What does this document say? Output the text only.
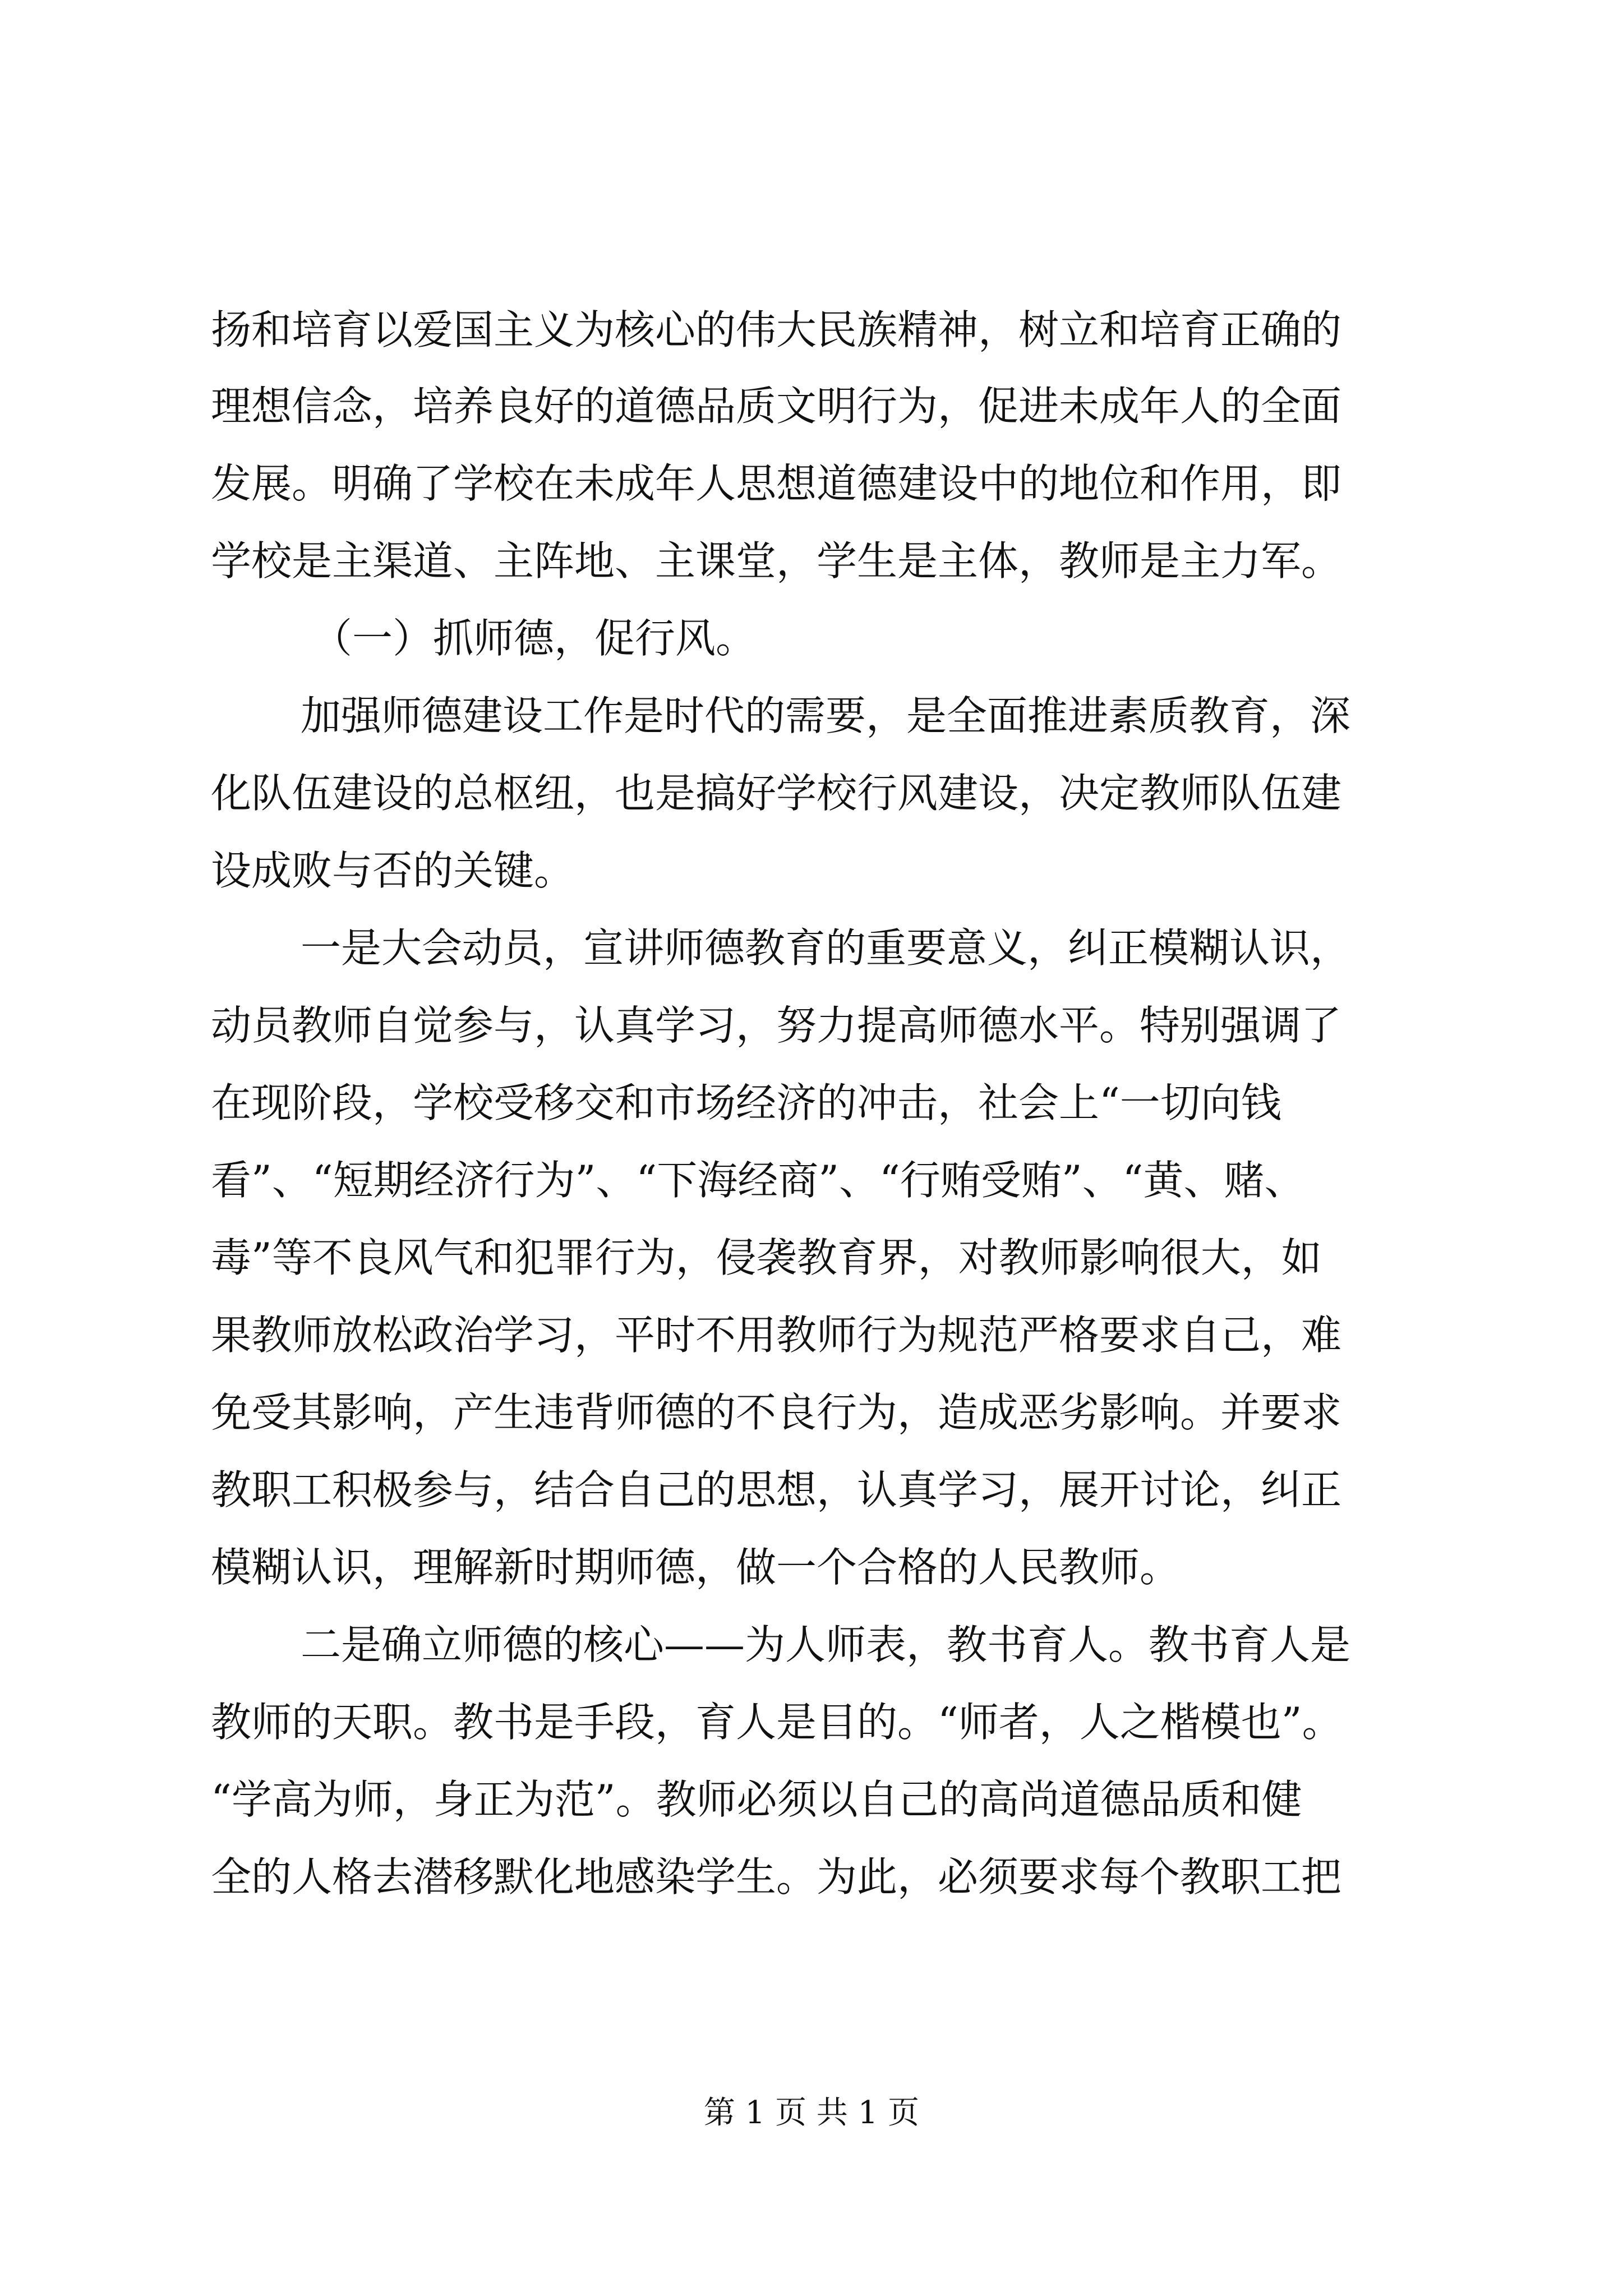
扬和培育以爱国主义为核心的伟大民族精神，树立和培育正确的
理想信念，培养良好的道德品质文明行为，促进未成年人的全面
发展。明确了学校在未成年人思想道德建设中的地位和作用，即
学校是主渠道、主阵地、主课堂，学生是主体，教师是主力军。
（一）抓师德，促行风。
加强师德建设工作是时代的需要，是全面推进素质教育，深
化队伍建设的总枢纽，也是搞好学校行风建设，决定教师队伍建
设成败与否的关键。
一是大会动员，宣讲师德教育的重要意义，纠正模糊认识，
动员教师自觉参与，认真学习，努力提高师德水平。特别强调了
在现阶段，学校受移交和市场经济的冲击，社会上“一切向钱
看”、“短期经济行为”、“下海经商”、“行贿受贿”、“黄、赌、
毒”等不良风气和犯罪行为，侵袭教育界，对教师影响很大，如
果教师放松政治学习，平时不用教师行为规范严格要求自己，难
免受其影响，产生违背师德的不良行为，造成恶劣影响。并要求
教职工积极参与，结合自己的思想，认真学习，展开讨论，纠正
模糊认识，理解新时期师德，做一个合格的人民教师。
二是确立师德的核心——为人师表，教书育人。教书育人是
教师的天职。教书是手段，育人是目的。“师者，人之楷模也”。
“学高为师，身正为范”。教师必须以自己的高尚道德品质和健
全的人格去潜移默化地感染学生。为此，必须要求每个教职工把
第 1 页 共 1 页
